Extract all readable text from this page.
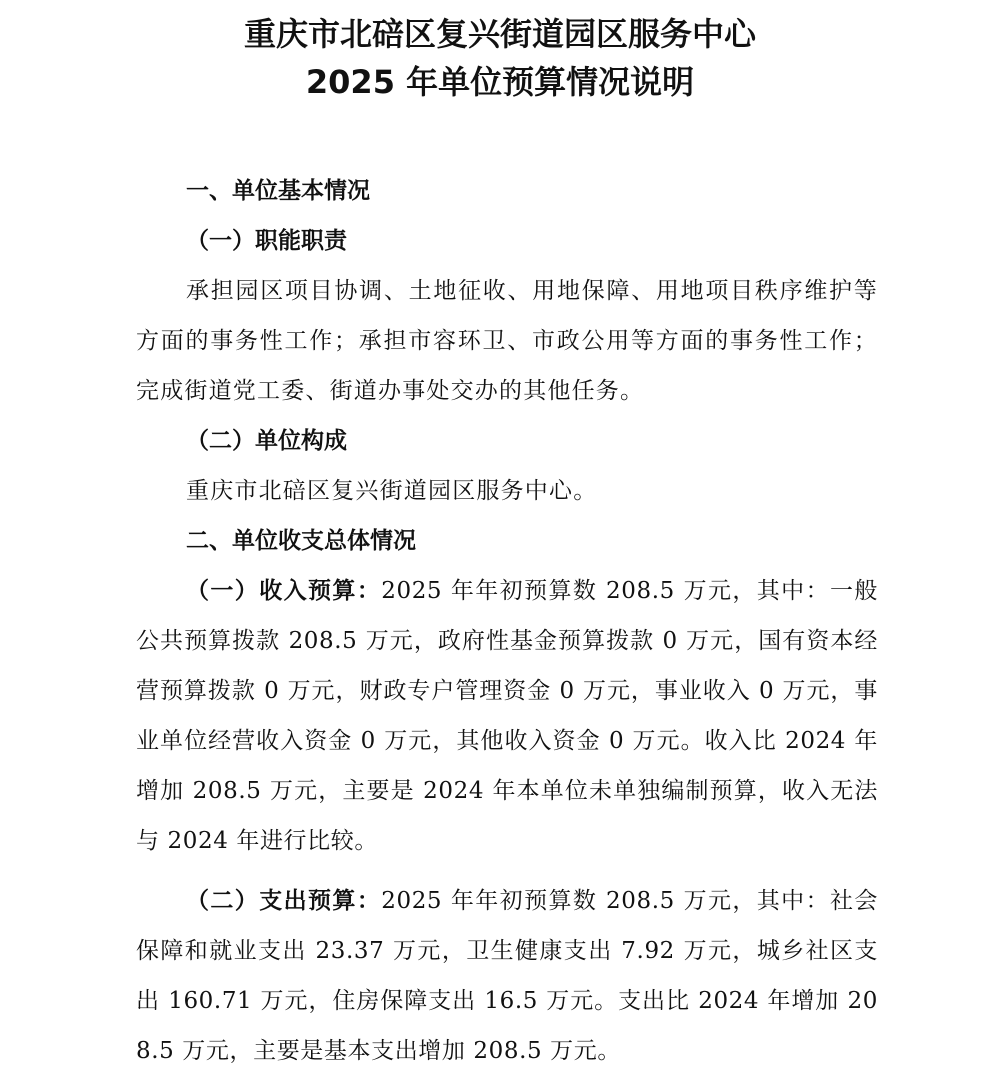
重庆市北碚区复兴街道园区服务中心
2025 年单位预算情况说明
一、单位基本情况
（一）职能职责

承担园区项目协调、土地征收、用地保障、用地项目秩序维护等方面的事务性工作；承担市容环卫、市政公用等方面的事务性工作；完成街道党工委、街道办事处交办的其他任务。

（二）单位构成

重庆市北碚区复兴街道园区服务中心。

二、单位收支总体情况

（一）收入预算：2025 年年初预算数 208.5 万元，其中：一般公共预算拨款 208.5 万元，政府性基金预算拨款 0 万元，国有资本经营预算拨款 0 万元，财政专户管理资金 0 万元，事业收入 0 万元，事业单位经营收入资金 0 万元，其他收入资金 0 万元。收入比 2024 年增加 208.5 万元，主要是 2024 年本单位未单独编制预算，收入无法与 2024 年进行比较。

（二）支出预算：2025 年年初预算数 208.5 万元，其中：社会保障和就业支出 23.37 万元，卫生健康支出 7.92 万元，城乡社区支出 160.71 万元，住房保障支出 16.5 万元。支出比 2024 年增加 208.5 万元，主要是基本支出增加 208.5 万元。
